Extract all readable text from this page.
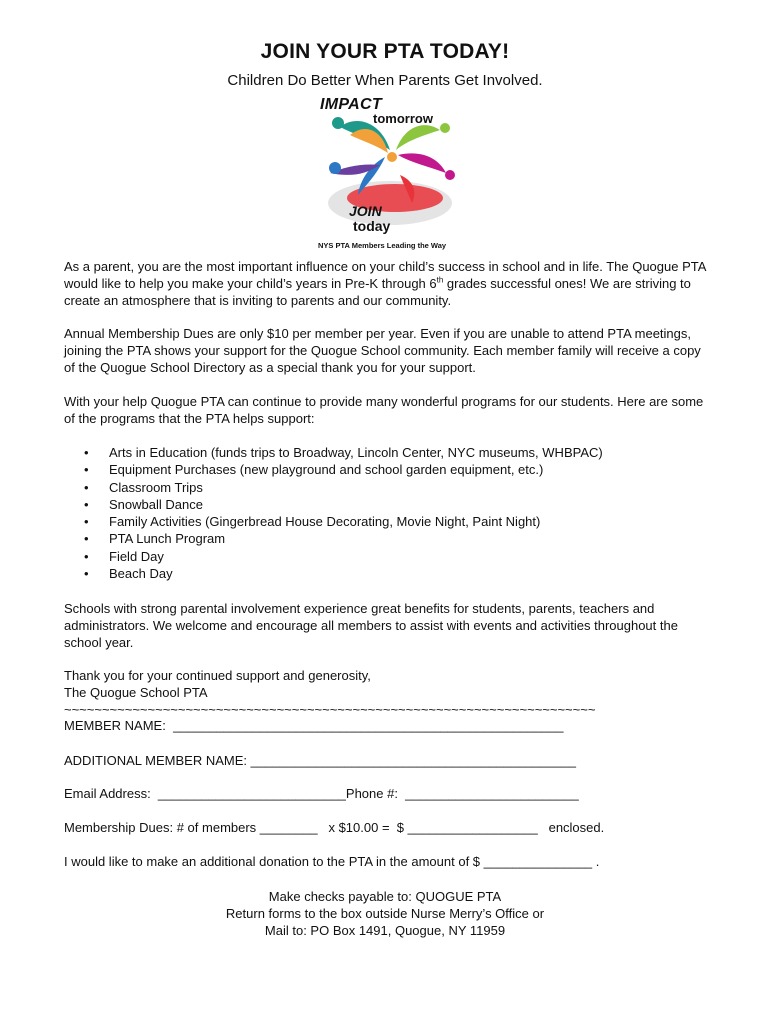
JOIN YOUR PTA TODAY!
Children Do Better When Parents Get Involved.
IMPACT
tomorrow
JOIN
today
NYS PTA Members Leading the Way

As a parent, you are the most important influence on your child’s success in school and in life. The Quogue PTA would like to help you make your child’s years in Pre-K through 6th grades successful ones! We are striving to create an atmosphere that is inviting to parents and our community.

Annual Membership Dues are only $10 per member per year. Even if you are unable to attend PTA meetings, joining the PTA shows your support for the Quogue School community. Each member family will receive a copy of the Quogue School Directory as a special thank you for your support.

With your help Quogue PTA can continue to provide many wonderful programs for our students. Here are some of the programs that the PTA helps support:

•	Arts in Education (funds trips to Broadway, Lincoln Center, NYC museums, WHBPAC)
•	Equipment Purchases (new playground and school garden equipment, etc.)
•	Classroom Trips
•	Snowball Dance
•	Family Activities (Gingerbread House Decorating, Movie Night, Paint Night)
•	PTA Lunch Program
•	Field Day
•	Beach Day

Schools with strong parental involvement experience great benefits for students, parents, teachers and administrators. We welcome and encourage all members to assist with events and activities throughout the school year.

Thank you for your continued support and generosity,

The Quogue School PTA

~~~~~~~~~~~~~~~~~~~~~~~~~~~~~~~~~~~~~~~~~~~~~~~~~~~~~~~~~~~~~~~~~~~~~~

MEMBER NAME:  ______________________________________________________
ADDITIONAL MEMBER NAME: _____________________________________________
Email Address:  __________________________Phone #:  ________________________
Membership Dues: # of members ________   x $10.00 =  $ __________________   enclosed.
I would like to make an additional donation to the PTA in the amount of $ _______________ .
Make checks payable to: QUOGUE PTA
Return forms to the box outside Nurse Merry’s Office or
Mail to: PO Box 1491, Quogue, NY 11959
